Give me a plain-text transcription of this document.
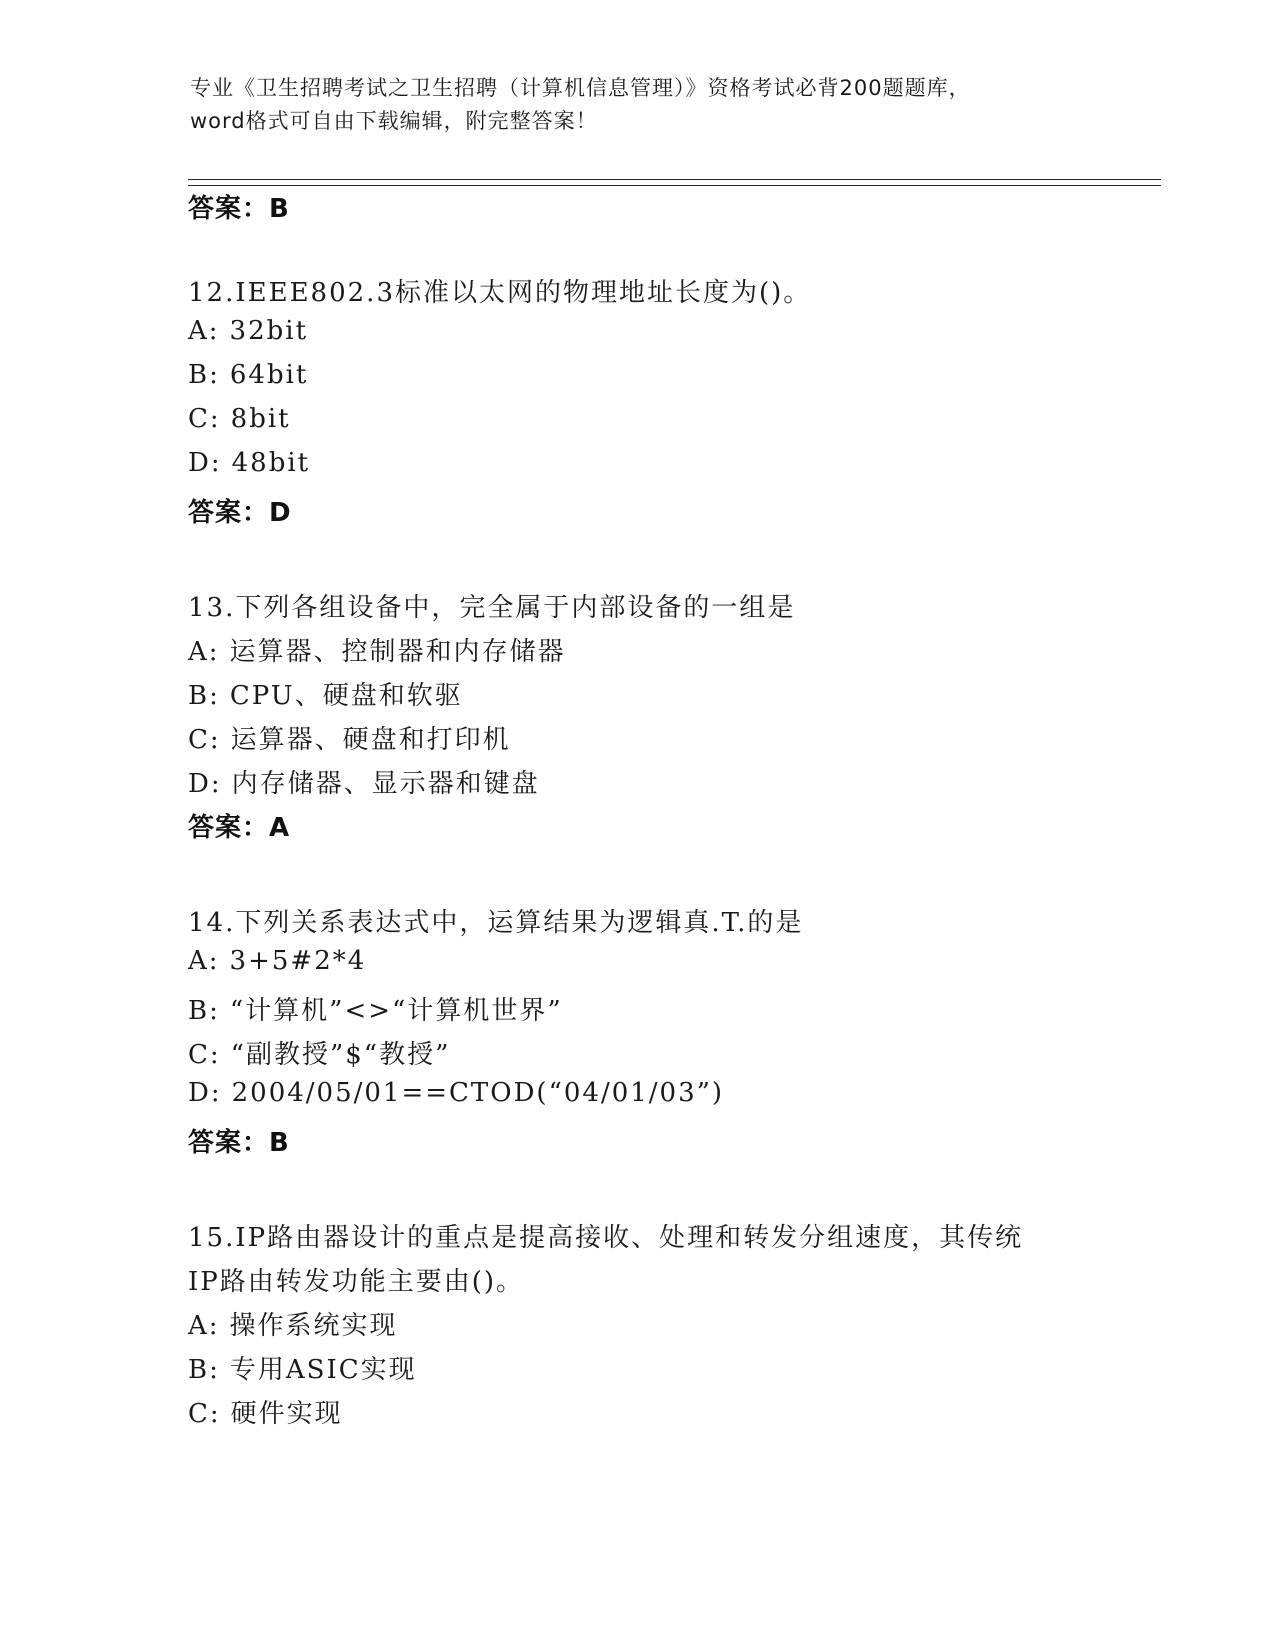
专业《卫生招聘考试之卫生招聘（计算机信息管理）》资格考试必背200题题库，
word格式可自由下载编辑，附完整答案！
答案：B
12.IEEE802.3标准以太网的物理地址长度为()。
A: 32bit
B: 64bit
C: 8bit
D: 48bit
答案：D
13.下列各组设备中，完全属于内部设备的一组是
A: 运算器、控制器和内存储器
B: CPU、硬盘和软驱
C: 运算器、硬盘和打印机
D: 内存储器、显示器和键盘
答案：A
14.下列关系表达式中，运算结果为逻辑真.T.的是
A: 3+5#2*4
B: “计算机”<>“计算机世界”
C: “副教授”$“教授”
D: 2004/05/01==CTOD(“04/01/03”)
答案：B
15.IP路由器设计的重点是提高接收、处理和转发分组速度，其传统
IP路由转发功能主要由()。
A: 操作系统实现
B: 专用ASIC实现
C: 硬件实现
